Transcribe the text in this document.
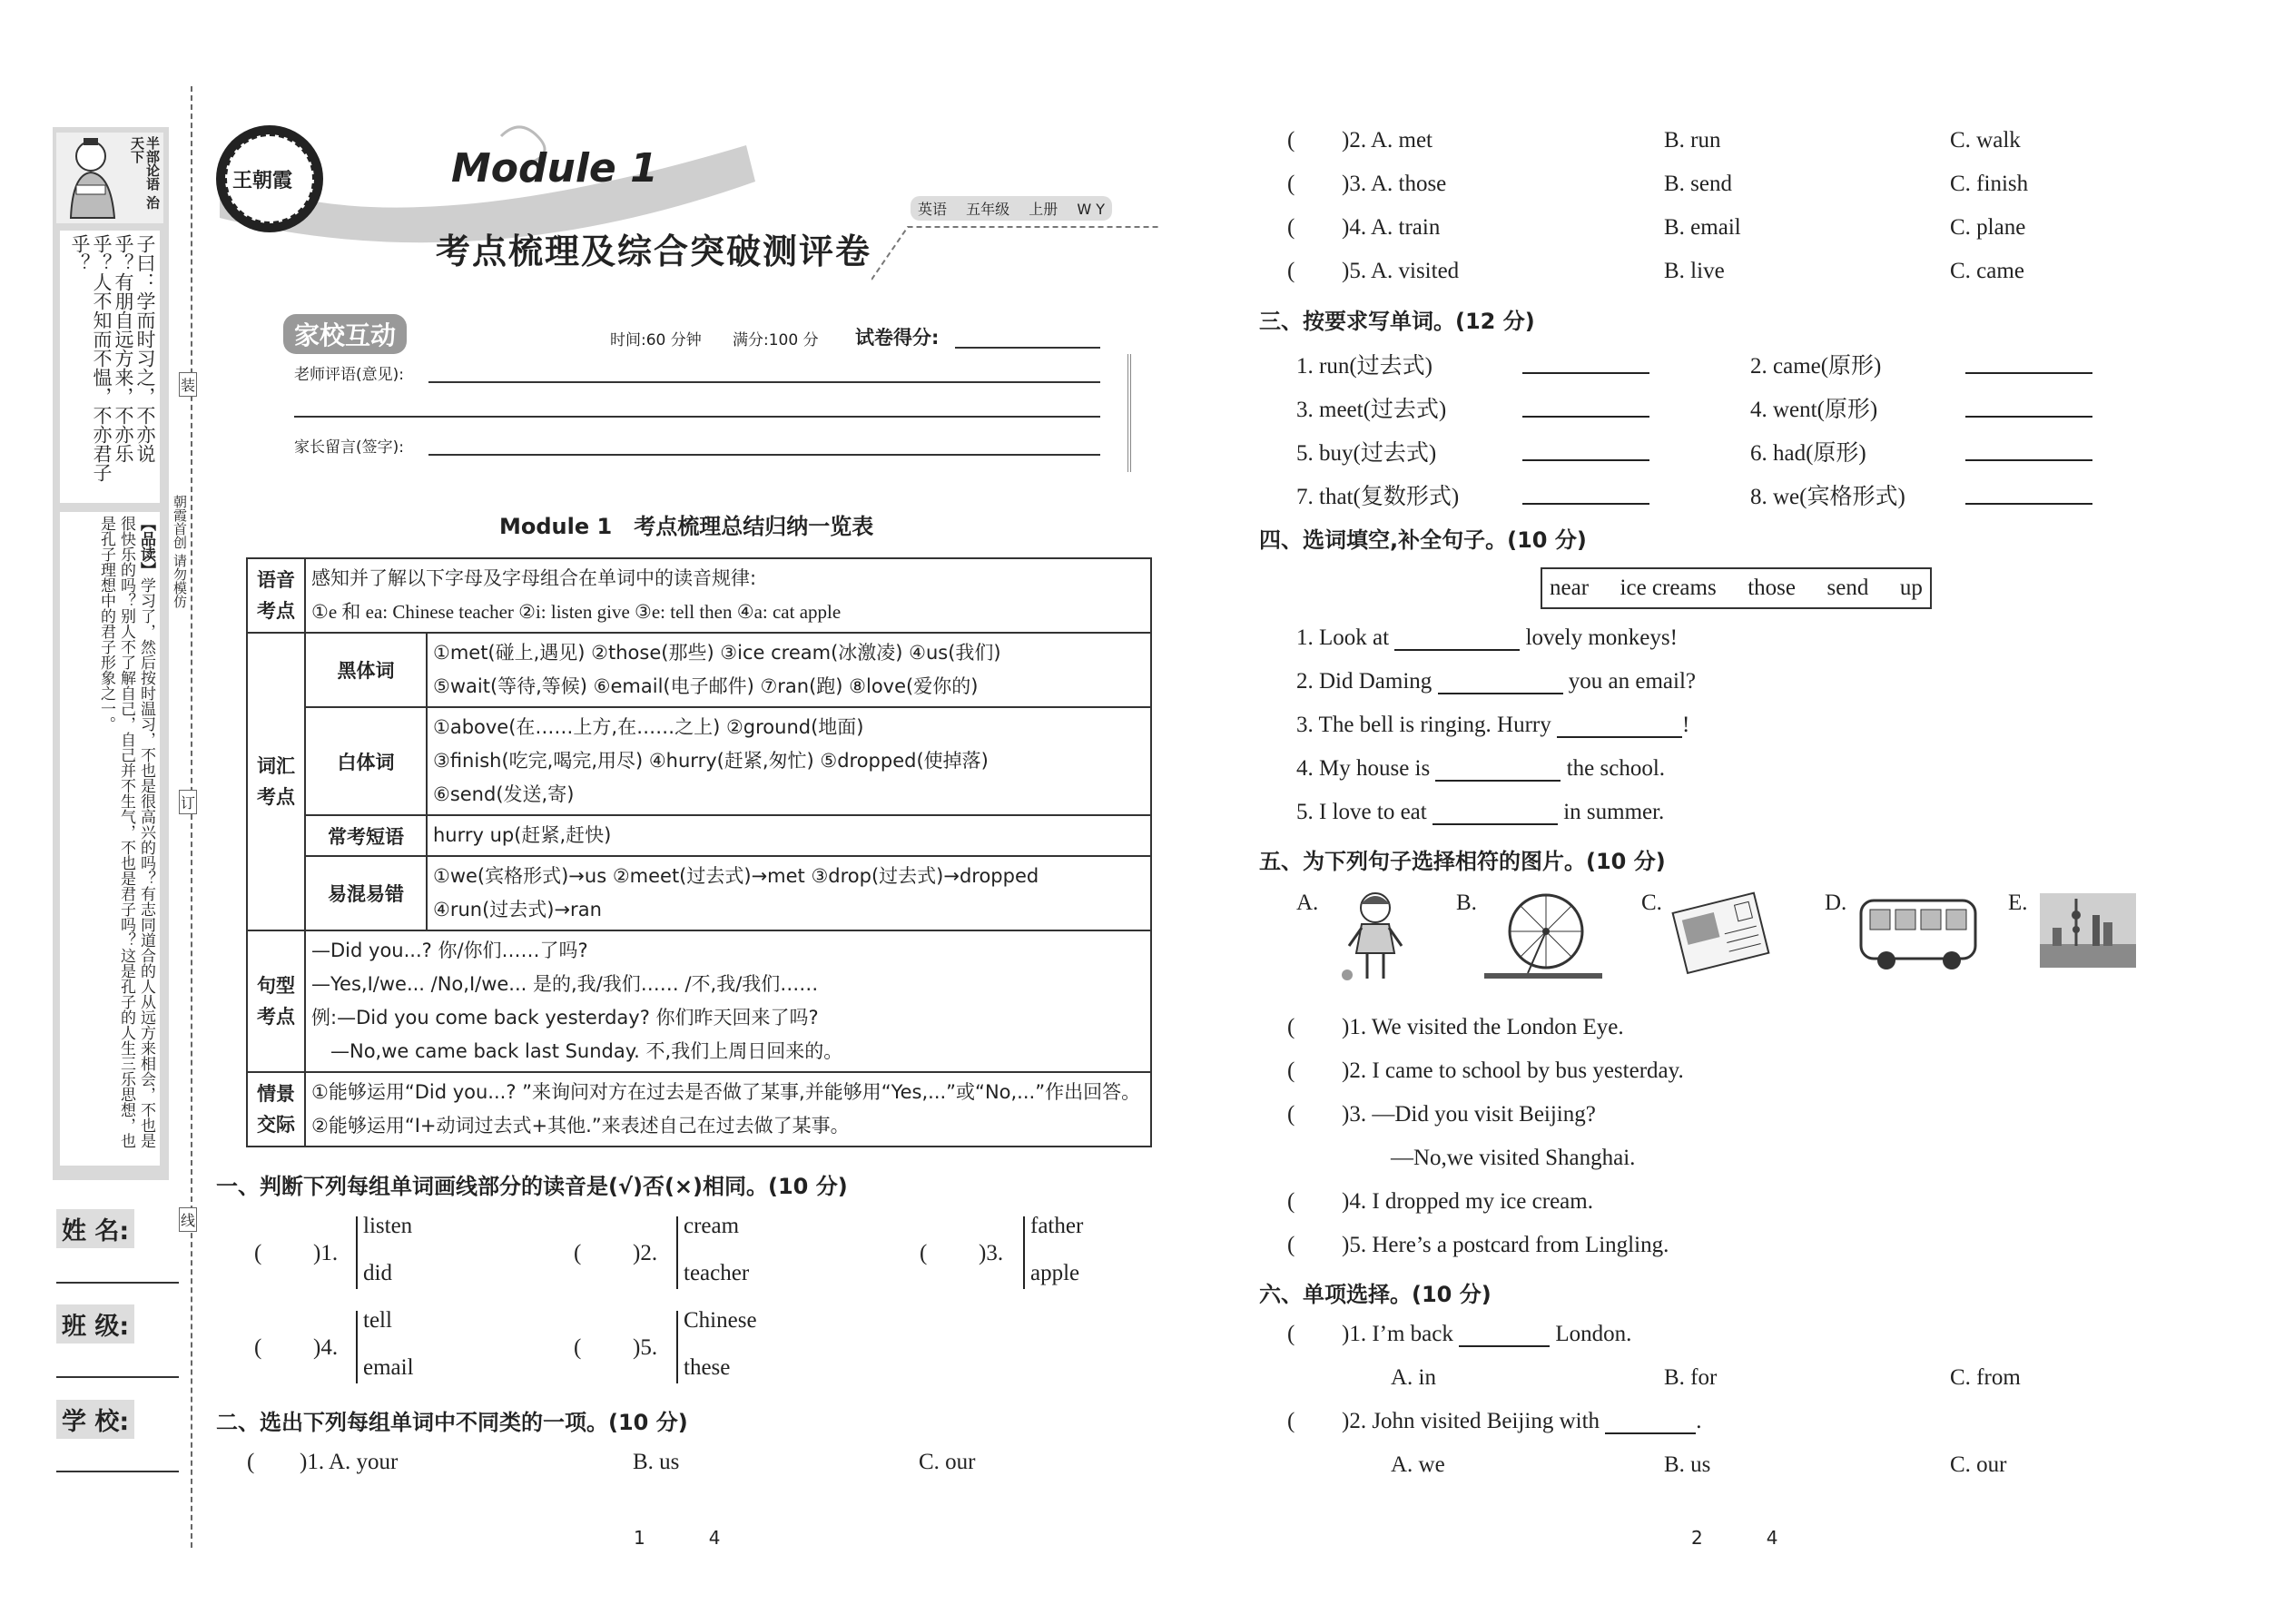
半部论语 治天下
子曰：学而时习之，不亦说乎？有朋自远方来，不亦乐乎？人不知而不愠，不亦君子乎？
【品读】学习了，然后按时温习，不也是很高兴的吗？有志同道合的人从远方来相会，不也是很快乐的吗？别人不了解自己，自己并不生气，不也是君子吗？这是孔子的人生三乐思想，也是孔子理想中的君子形象之一。
姓 名:
班 级:
学 校:
装
订
线
朝霞首创 请勿模仿
王朝霞	Module 1
考点梳理及综合突破测评卷
英语　 五年级　 上册　 W Y
家校互动	时间:60 分钟 满分:100 分 试卷得分:
老师评语(意见):
家长留言(签字):
Module 1　考点梳理总结归纳一览表
语音考点	感知并了解以下字母及字母组合在单词中的读音规律:
①e 和 ea: Chinese teacher ②i: listen give ③e: tell then ④a: cat apple	

词汇考点	黑体词	①met(碰上,遇见) ②those(那些) ③ice cream(冰激凌) ④us(我们)
⑤wait(等待,等候) ⑥email(电子邮件) ⑦ran(跑) ⑧love(爱你的)

	白体词	①above(在……上方,在……之上) ②ground(地面)
③finish(吃完,喝完,用尽) ④hurry(赶紧,匆忙) ⑤dropped(使掉落)
⑥send(发送,寄)

	常考短语	hurry up(赶紧,赶快)

	易混易错	①we(宾格形式)→us ②meet(过去式)→met ③drop(过去式)→dropped
④run(过去式)→ran

句型考点	—Did you...? 你/你们……了吗?
—Yes,I/we... /No,I/we... 是的,我/我们…… /不,我/我们……
例:—Did you come back yesterday? 你们昨天回来了吗?
　—No,we came back last Sunday. 不,我们上周日回来的。	

情景交际	①能够运用“Did you...? ”来询问对方在过去是否做了某事,并能够用“Yes,...”或“No,...”作出回答。
②能够运用“I+动词过去式+其他.”来表述自己在过去做了某事。	
一、判断下列每组单词画线部分的读音是(√)否(×)相同。(10 分)
( )1.
listen
did
( )2.
cream
teacher
( )3.
father
apple
( )4.
tell
email
( )5.
Chinese
these
二、选出下列每组单词中不同类的一项。(10 分)
( )1. A. your	B. us	C. our
1	4
( )2. A. met	B. run	C. walk
( )3. A. those	B. send	C. finish
( )4. A. train	B. email	C. plane
( )5. A. visited	B. live	C. came
三、按要求写单词。(12 分)
1. run(过去式)	2. came(原形)
3. meet(过去式)	4. went(原形)
5. buy(过去式)	6. had(原形)
7. that(复数形式)	8. we(宾格形式)
四、选词填空,补全句子。(10 分)
near ice creams those send up
1. Look at	lovely monkeys!
2. Did Daming	you an email?
3. The bell is ringing. Hurry	!
4. My house is	the school.
5. I love to eat	in summer.
五、为下列句子选择相符的图片。(10 分)
A.	B.	C.	D.	E.
( )1. We visited the London Eye.
( )2. I came to school by bus yesterday.
( )3. —Did you visit Beijing?
—No,we visited Shanghai.
( )4. I dropped my ice cream.
( )5. Here’s a postcard from Lingling.
六、单项选择。(10 分)
( )1. I’m back	London.
A. in	B. for	C. from
( )2. John visited Beijing with	.
A. we	B. us	C. our
2	4
